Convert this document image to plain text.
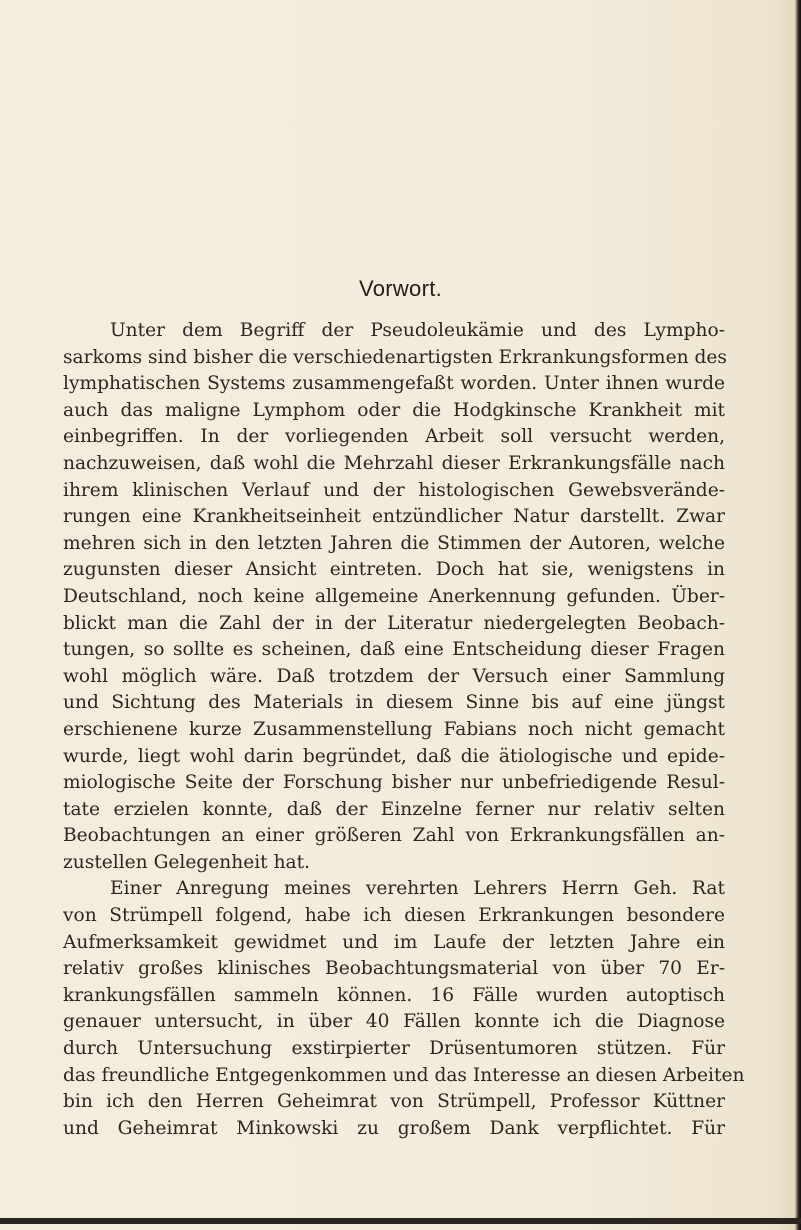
Vorwort.
Unter dem Begriff der Pseudoleukämie und des Lympho-
sarkoms sind bisher die verschiedenartigsten Erkrankungsformen des
lymphatischen Systems zusammengefaßt worden. Unter ihnen wurde
auch das maligne Lymphom oder die Hodgkinsche Krankheit mit
einbegriffen. In der vorliegenden Arbeit soll versucht werden,
nachzuweisen, daß wohl die Mehrzahl dieser Erkrankungsfälle nach
ihrem klinischen Verlauf und der histologischen Gewebsverände-
rungen eine Krankheitseinheit entzündlicher Natur darstellt. Zwar
mehren sich in den letzten Jahren die Stimmen der Autoren, welche
zugunsten dieser Ansicht eintreten. Doch hat sie, wenigstens in
Deutschland, noch keine allgemeine Anerkennung gefunden. Über-
blickt man die Zahl der in der Literatur niedergelegten Beobach-
tungen, so sollte es scheinen, daß eine Entscheidung dieser Fragen
wohl möglich wäre. Daß trotzdem der Versuch einer Sammlung
und Sichtung des Materials in diesem Sinne bis auf eine jüngst
erschienene kurze Zusammenstellung Fabians noch nicht gemacht
wurde, liegt wohl darin begründet, daß die ätiologische und epide-
miologische Seite der Forschung bisher nur unbefriedigende Resul-
tate erzielen konnte, daß der Einzelne ferner nur relativ selten
Beobachtungen an einer größeren Zahl von Erkrankungsfällen an-
zustellen Gelegenheit hat.
Einer Anregung meines verehrten Lehrers Herrn Geh. Rat
von Strümpell folgend, habe ich diesen Erkrankungen besondere
Aufmerksamkeit gewidmet und im Laufe der letzten Jahre ein
relativ großes klinisches Beobachtungsmaterial von über 70 Er-
krankungsfällen sammeln können. 16 Fälle wurden autoptisch
genauer untersucht, in über 40 Fällen konnte ich die Diagnose
durch Untersuchung exstirpierter Drüsentumoren stützen. Für
das freundliche Entgegenkommen und das Interesse an diesen Arbeiten
bin ich den Herren Geheimrat von Strümpell, Professor Küttner
und Geheimrat Minkowski zu großem Dank verpflichtet. Für
